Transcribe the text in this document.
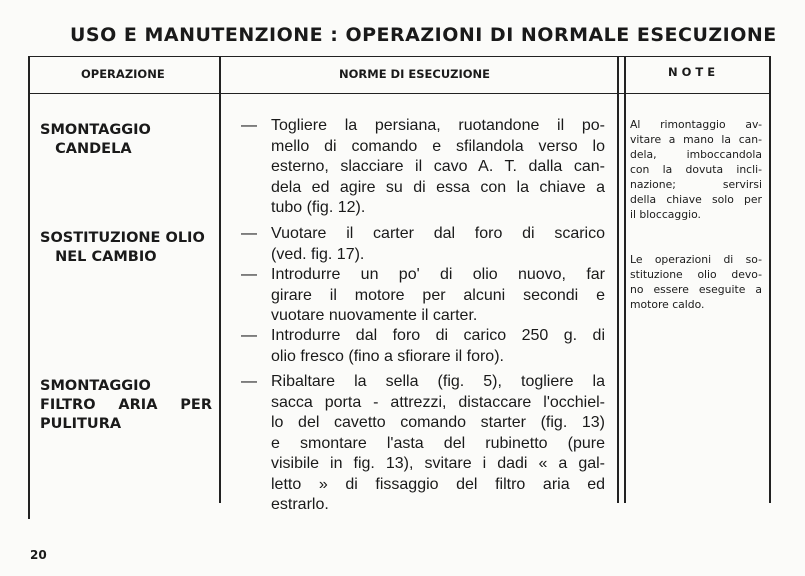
USO E MANUTENZIONE : OPERAZIONI DI NORMALE ESECUZIONE
OPERAZIONE	NORME DI ESECUZIONE	N O T E
SMONTAGGIO
CANDELA
SOSTITUZIONE OLIO
NEL CAMBIO
SMONTAGGIO
FILTRO ARIA PER
PULITURA
— Togliere la persiana, ruotandone il po-
mello di comando e sfilandola verso lo
esterno, slacciare il cavo A. T. dalla can-
dela ed agire su di essa con la chiave a
tubo (fig. 12).
— Vuotare il carter dal foro di scarico
(ved. fig. 17).
— Introdurre un po' di olio nuovo, far
girare il motore per alcuni secondi e
vuotare nuovamente il carter.
— Introdurre dal foro di carico 250 g. di
olio fresco (fino a sfiorare il foro).
— Ribaltare la sella (fig. 5), togliere la
sacca porta - attrezzi, distaccare l'occhiel-
lo del cavetto comando starter (fig. 13)
e smontare l'asta del rubinetto (pure
visibile in fig. 13), svitare i dadi « a gal-
letto » di fissaggio del filtro aria ed
estrarlo.
Al rimontaggio av-
vitare a mano la can-
dela, imboccandola
con la dovuta incli-
nazione; servirsi
della chiave solo per
il bloccaggio.
Le operazioni di so-
stituzione olio devo-
no essere eseguite a
motore caldo.
20
